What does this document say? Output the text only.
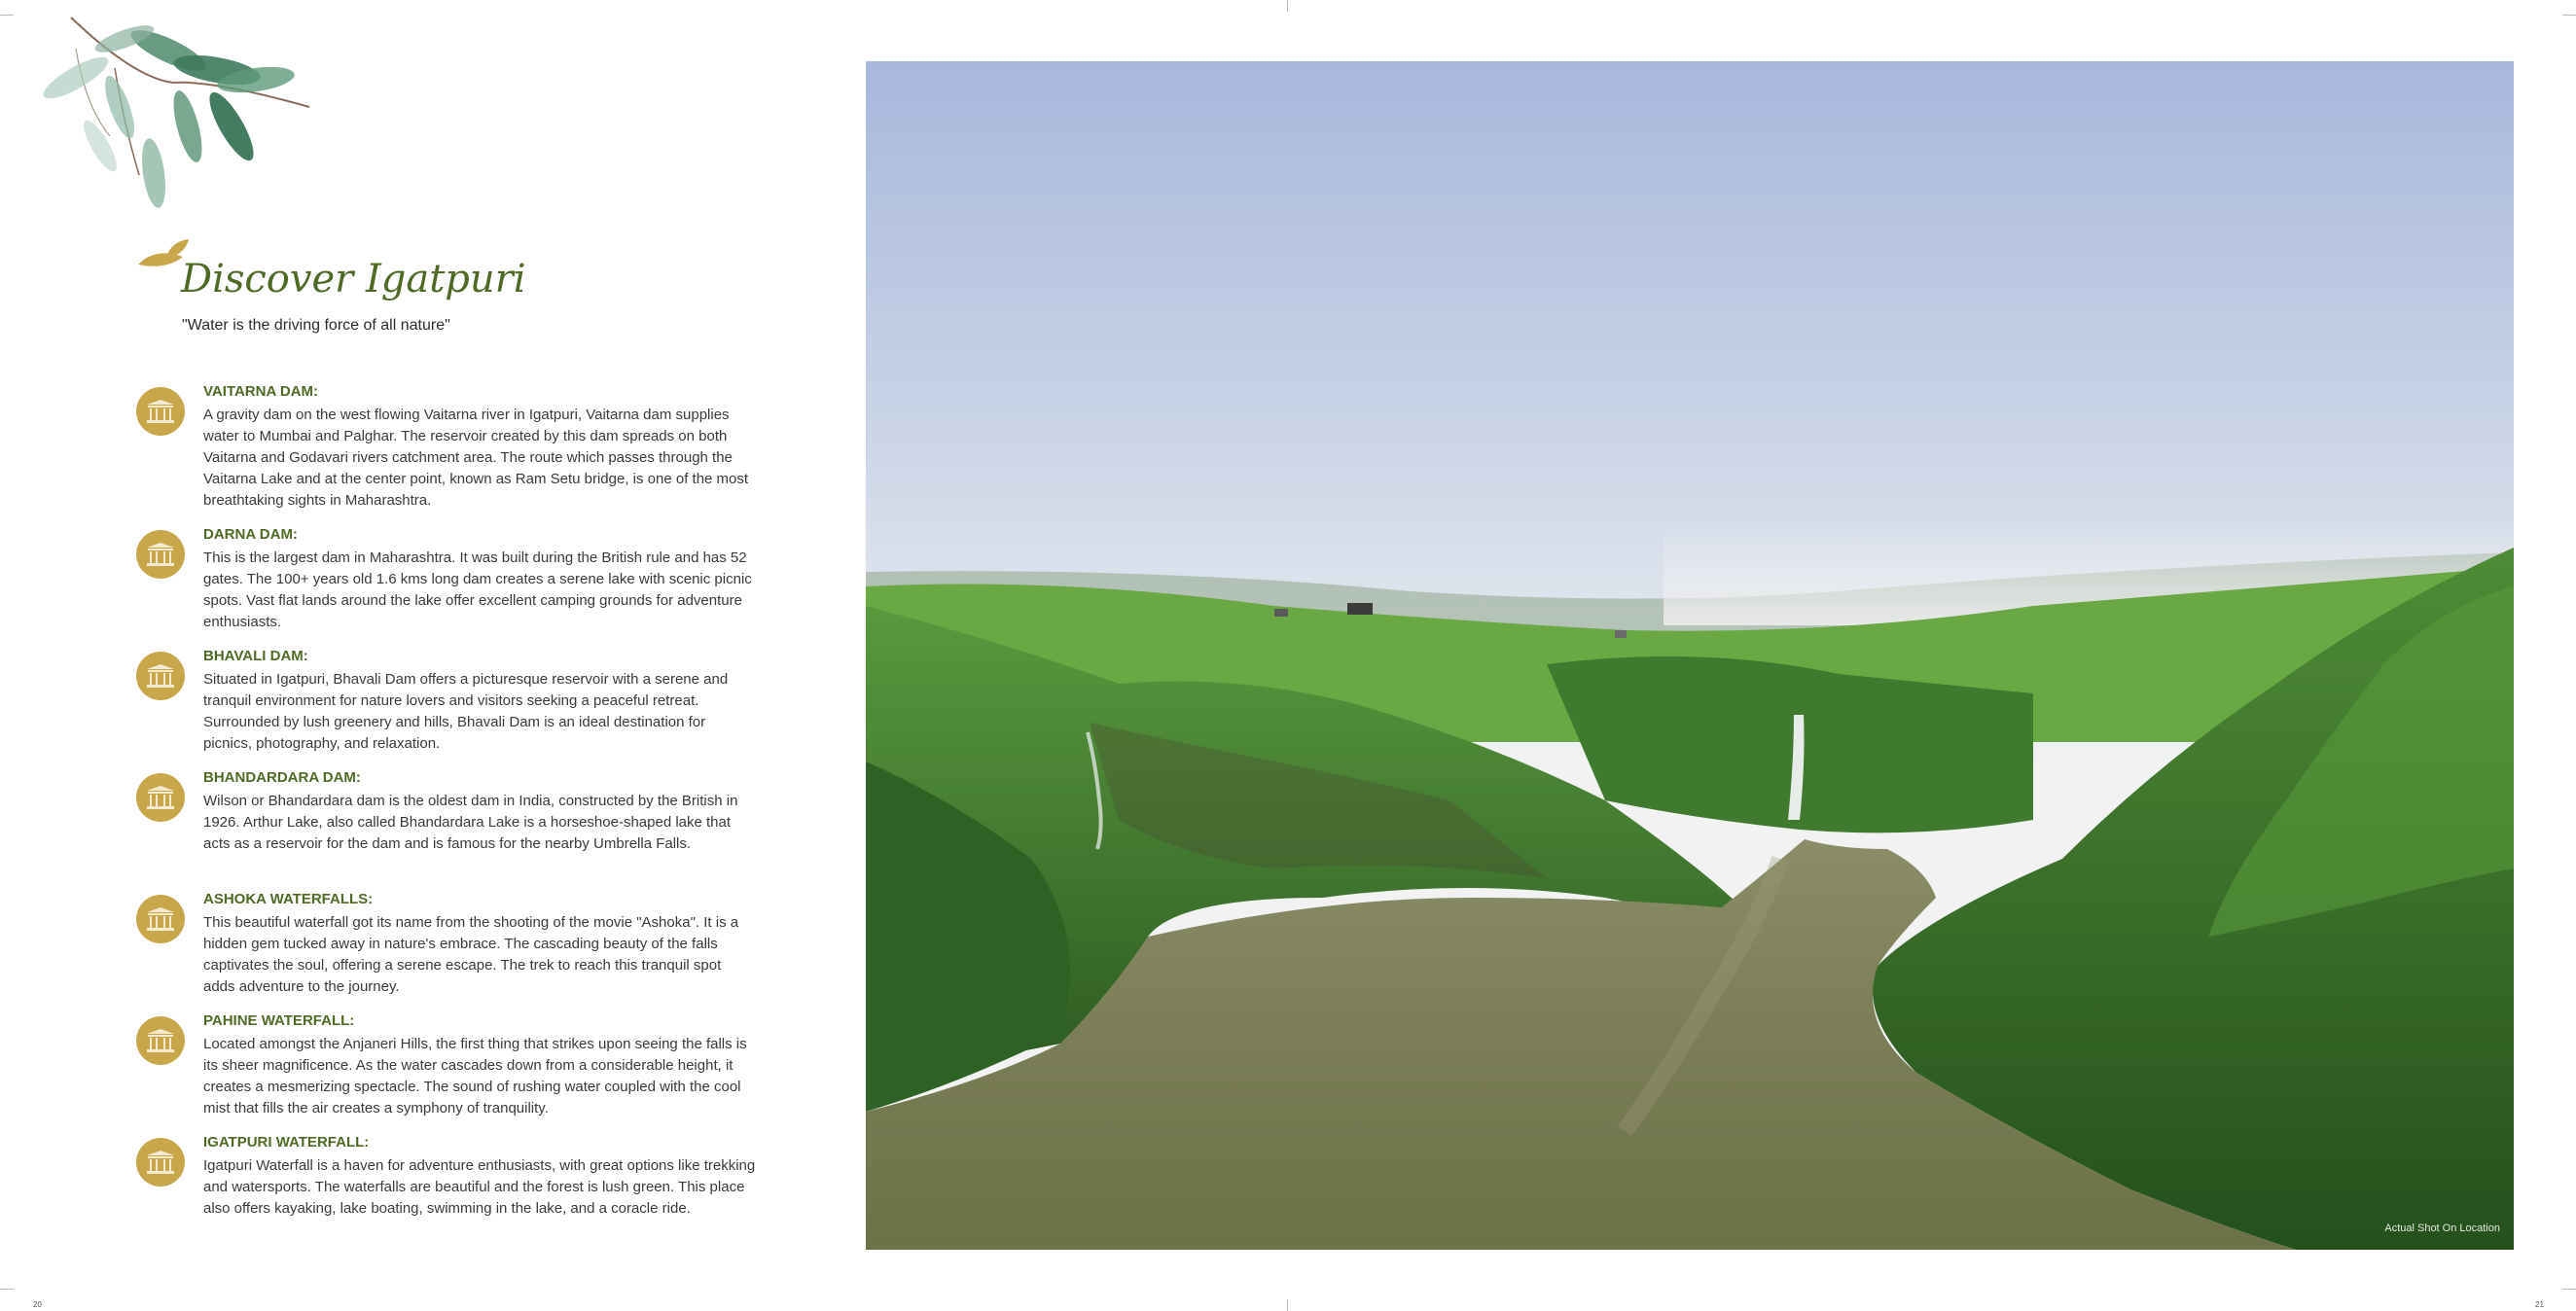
Discover Igatpuri
"Water is the driving force of all nature"
VAITARNA DAM:

A gravity dam on the west flowing Vaitarna river in Igatpuri, Vaitarna dam supplies water to Mumbai and Palghar. The reservoir created by this dam spreads on both Vaitarna and Godavari rivers catchment area. The route which passes through the Vaitarna Lake and at the center point, known as Ram Setu bridge, is one of the most breathtaking sights in Maharashtra.

DARNA DAM:

This is the largest dam in Maharashtra. It was built during the British rule and has 52 gates. The 100+ years old 1.6 kms long dam creates a serene lake with scenic picnic spots. Vast flat lands around the lake offer excellent camping grounds for adventure enthusiasts.

BHAVALI DAM:

Situated in Igatpuri, Bhavali Dam offers a picturesque reservoir with a serene and tranquil environment for nature lovers and visitors seeking a peaceful retreat. Surrounded by lush greenery and hills, Bhavali Dam is an ideal destination for picnics, photography, and relaxation.

BHANDARDARA DAM:

Wilson or Bhandardara dam is the oldest dam in India, constructed by the British in 1926. Arthur Lake, also called Bhandardara Lake is a horseshoe-shaped lake that acts as a reservoir for the dam and is famous for the nearby Umbrella Falls.

ASHOKA WATERFALLS:

This beautiful waterfall got its name from the shooting of the movie "Ashoka". It is a hidden gem tucked away in nature's embrace. The cascading beauty of the falls captivates the soul, offering a serene escape. The trek to reach this tranquil spot adds adventure to the journey.

PAHINE WATERFALL:

Located amongst the Anjaneri Hills, the first thing that strikes upon seeing the falls is its sheer magnificence. As the water cascades down from a considerable height, it creates a mesmerizing spectacle. The sound of rushing water coupled with the cool mist that fills the air creates a symphony of tranquility.

IGATPURI WATERFALL:

Igatpuri Waterfall is a haven for adventure enthusiasts, with great options like trekking and watersports. The waterfalls are beautiful and the forest is lush green. This place also offers kayaking, lake boating, swimming in the lake, and a coracle ride.

Actual Shot On Location
20	21
